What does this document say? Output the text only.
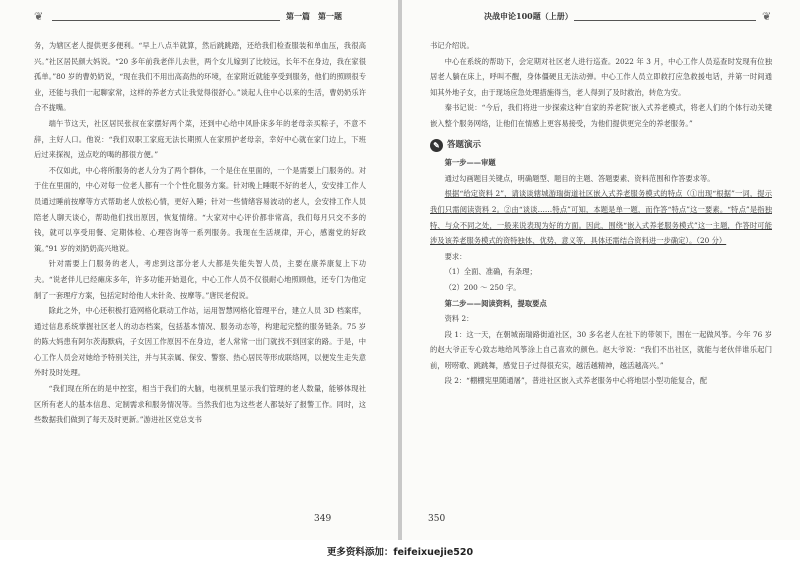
❦	第一篇　第一题

务，为辖区老人提供更多便利。“早上八点半就算，然后跳跳踏，还给我们检查服装和单血压，我很高兴。”社区居民颜大妈说。“20 多年前我老伴儿去世，两个女儿嫁到了比较远，长年不在身边，我在家很孤单。”80 岁的曹奶奶说，“现在我们不用出高高热的环境，在家附近就能享受到服务，他们的照顾很专业，还能与我们一起聊家常，这样的养老方式让我觉得很舒心。”谈起人住中心以来的生活，曹奶奶乐许合不拢嘴。

端午节这天，社区居民张叔在家摆好两个菜，还到中心给中风卧床多年的老母亲买粽子，不意不辞，主好人口。他说：“我们双职工家庭无法长期照人在家照护老母亲，幸好中心就在家门边上，下班后过来探视，送点吃的喝的都很方便。”

不仅如此，中心将所服务的老人分为了两个群体，一个是住在里面的，一个是需要上门服务的。对于住在里面的，中心对每一位老人都有一个个性化服务方案。针对晚上睡眠不好的老人，安安排工作人员通过睡前按摩等方式帮助老人放松心情，更好入睡；针对一些情绪容易波动的老人，会安排工作人员陪老人聊天谈心，帮助他们找出原因，恢复情绪。“大家对中心评价都非常高，我们每月只交不多的钱，就可以享受用餐、定期体检、心理咨询等一系列服务。我现在生活规律，开心，感谢党的好政策。”91 岁的刘奶奶高兴地说。

针对需要上门服务的老人，考虑到这部分老人大都是失能失智人员，主要在康养康复上下功夫。“说老伴儿已经瘫床多年，许多功能开始退化，中心工作人员不仅很耐心地照顾他，还专门为他定制了一套理疗方案，包括定时给他人未针灸、按摩等。”唐民老倪说。

除此之外，中心还积极打造网格化联动工作站，运用智慧网格化管理平台，建立人员 3D 档案库，通过信息系统掌握社区老人的动态档案，包括基本情况、服务动态等，构建起完整的服务链条。75 岁的陈大妈患有阿尔茨海默病，子女因工作原因不在身边，老人常常一出门就找不到回家的路。于是，中心工作人员会对她给予特别关注，并与其亲属、保安、警察、热心居民等形成联络网，以便发生走失意外时及时处理。

“我们现在所在的是中控室，相当于我们的大脑，电视机里显示我们管理的老人数量，能够体现社区所有老人的基本信息、定制需求和服务情况等。当然我们也为这些老人都装好了报警工作。同时，这些数据我们做到了每天及时更新。”游进社区党总支书

349
决战申论100题（上册）	❦

书记介绍说。

中心在系统的帮助下，会定期对社区老人进行巡查。2022 年 3 月，中心工作人员巡查时发现有位独居老人躺在床上，呼叫不醒，身体僵硬且无法动弹。中心工作人员立即救打应急救援电话，并第一时间通知其外地子女，由于现场应急处理措施得当，老人得到了及时救治，转危为安。

秦书记说：“今后，我们将进一步探索这种‘自家的养老院’嵌入式养老模式，将老人们的个体行动关键嵌入整个服务网络，让他们在情感上更容易接受，为他们提供更完全的养老服务。”

✎ 答题演示

第一步——审题

通过勾画题目关键点，明确题型、题目的主题、答题要素、资料范围和作答要求等。

根据“给定资料 2”，请谈谈辖城游瑞街道社区嵌入式养老服务模式的特点（①出现“根据”一词，提示我们只需阅读资料 2。②由“谈谈……特点”可知，本题是单一题，而作答“特点”这一要素。“特点”是指独特、与众不同之处，一般来说表现为好的方面。因此，围绕“嵌入式养老服务模式”这一主题，作答时可能涉及该养老服务模式的资特独体、优势、意义等，具体还需结合资料进一步确定）。（20 分）

要求：

（1）全面、准确，有条理；

（2）200 ～ 250 字。

第二步——阅读资料，提取要点

资料 2：

段 1：这一天，在朝城南瑞路街道社区，30 多名老人在社下的带领下，围在一起做风筝。今年 76 岁的赵大爷正专心致志地给风筝涂上自己喜欢的颜色。赵大爷说：“我们不出社区，就能与老伙伴谁乐起门前，唠唠歌、跳跳舞，感觉日子过得很充实，越活越精神，越活越高兴。”

段 2：“棚棚宪里随通屠”，普进社区嵌入式养老服务中心将地层小型功能复合，配

350
更多资料添加：feifeixuejie520
